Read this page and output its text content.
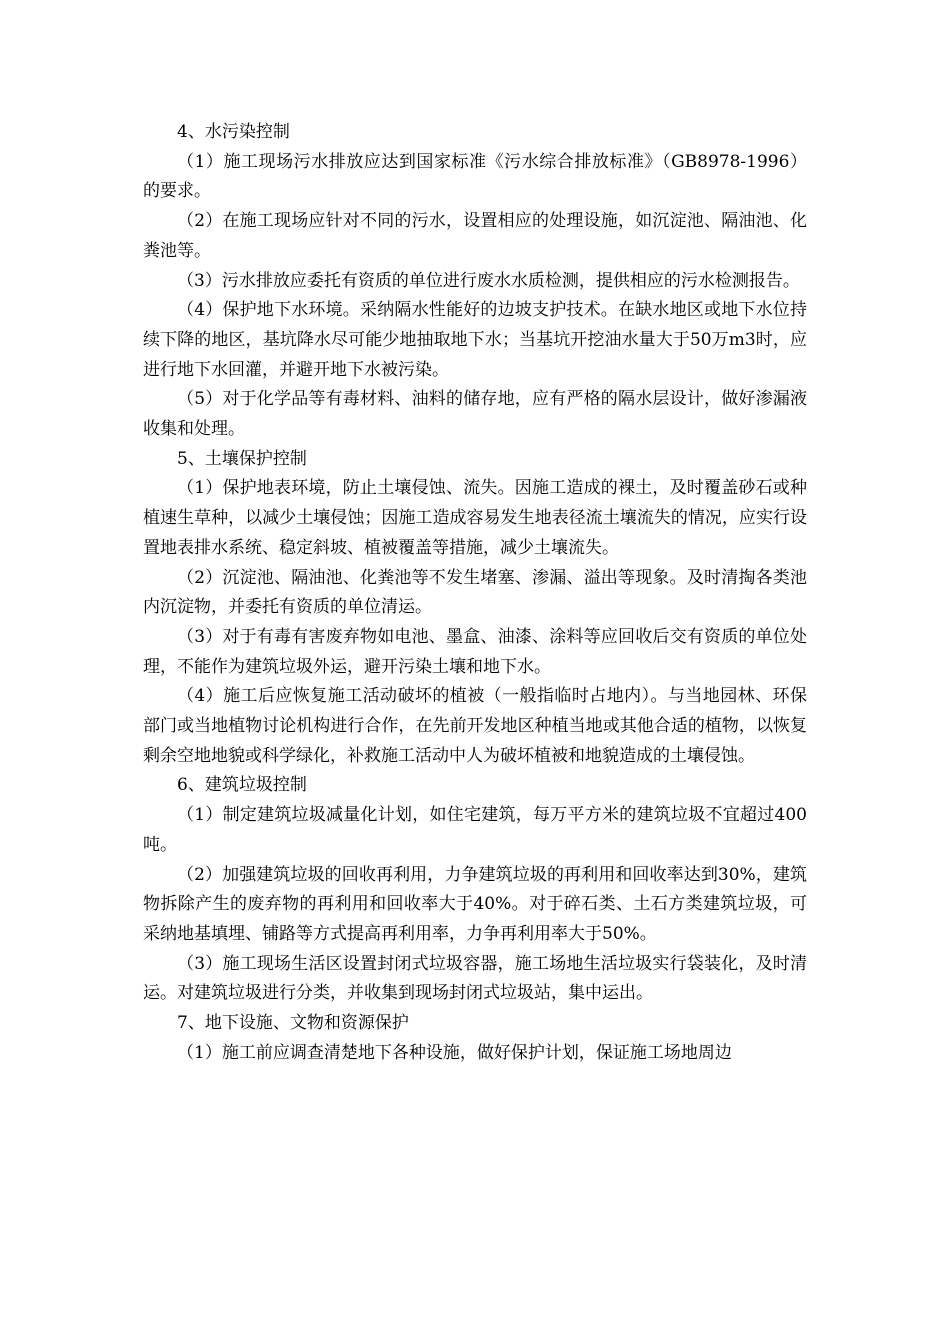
4、水污染控制

（1）施工现场污水排放应达到国家标准《污水综合排放标准》（GB8978-1996）的要求。

（2）在施工现场应针对不同的污水，设置相应的处理设施，如沉淀池、隔油池、化粪池等。

（3）污水排放应委托有资质的单位进行废水水质检测，提供相应的污水检测报告。

（4）保护地下水环境。采纳隔水性能好的边坡支护技术。在缺水地区或地下水位持续下降的地区，基坑降水尽可能少地抽取地下水；当基坑开挖油水量大于50万m3时，应进行地下水回灌，并避开地下水被污染。

（5）对于化学品等有毒材料、油料的储存地，应有严格的隔水层设计，做好渗漏液收集和处理。

5、土壤保护控制

（1）保护地表环境，防止土壤侵蚀、流失。因施工造成的裸土，及时覆盖砂石或种植速生草种，以减少土壤侵蚀；因施工造成容易发生地表径流土壤流失的情况，应实行设置地表排水系统、稳定斜坡、植被覆盖等措施，减少土壤流失。

（2）沉淀池、隔油池、化粪池等不发生堵塞、渗漏、溢出等现象。及时清掏各类池内沉淀物，并委托有资质的单位清运。

（3）对于有毒有害废弃物如电池、墨盒、油漆、涂料等应回收后交有资质的单位处理，不能作为建筑垃圾外运，避开污染土壤和地下水。

（4）施工后应恢复施工活动破坏的植被（一般指临时占地内）。与当地园林、环保部门或当地植物讨论机构进行合作，在先前开发地区种植当地或其他合适的植物，以恢复剩余空地地貌或科学绿化，补救施工活动中人为破坏植被和地貌造成的土壤侵蚀。

6、建筑垃圾控制

（1）制定建筑垃圾减量化计划，如住宅建筑，每万平方米的建筑垃圾不宜超过400吨。

（2）加强建筑垃圾的回收再利用，力争建筑垃圾的再利用和回收率达到30%，建筑物拆除产生的废弃物的再利用和回收率大于40%。对于碎石类、土石方类建筑垃圾，可采纳地基填埋、铺路等方式提高再利用率，力争再利用率大于50%。

（3）施工现场生活区设置封闭式垃圾容器，施工场地生活垃圾实行袋装化，及时清运。对建筑垃圾进行分类，并收集到现场封闭式垃圾站，集中运出。

7、地下设施、文物和资源保护

（1）施工前应调查清楚地下各种设施，做好保护计划，保证施工场地周边
